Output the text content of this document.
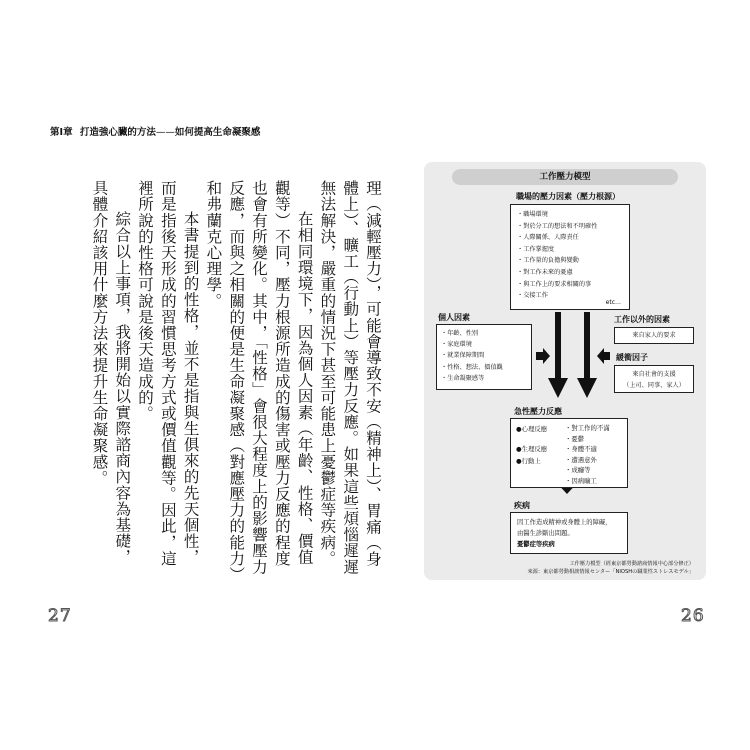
第Ⅰ章 打造強心臟的方法——如何提高生命凝聚感

理（減輕壓力），可能會導致不安（精神上）、胃痛（身體上）、曠工（行動上）等壓力反應。如果這些煩惱遲遲無法解決，嚴重的情況下甚至可能患上憂鬱症等疾病。

在相同環境下，因為個人因素（年齡、性格、價值觀等）不同，壓力根源所造成的傷害或壓力反應的程度也會有所變化。其中，「性格」會很大程度上的影響壓力反應，而與之相關的便是生命凝聚感（對應壓力的能力）和弗蘭克心理學。

本書提到的性格，並不是指與生俱來的先天個性，而是指後天形成的習慣思考方式或價值觀等。因此，這裡所說的性格可說是後天造成的。

綜合以上事項，我將開始以實際諮商內容為基礎，具體介紹該用什麼方法來提升生命凝聚感。

27	26
工作壓力模型
職場的壓力因素（壓力根源）
・ 職場環境
・ 對於分工的想法和不明確性
・ 人際關係、人際責任
・ 工作掌握度
・ 工作量的負擔與變動
・ 對工作未來的憂慮
・ 與工作上的要求相關的事
・ 交接工作
etc…
個人因素
・ 年齡、性別
・ 家庭環境
・ 就業保障期間
・ 性格、想法、價值觀
・ 生命凝聚感等
工作以外的因素
來自家人的要求
緩衝因子
來自社會的支援
（上司、同事、家人）
急性壓力反應
●心理反應
●生理反應
●行動上
・ 對工作的不滿
・ 憂鬱
・ 身體不適
・ 遭遇意外
・ 成癮等
・ 因病曠工
疾病
因工作造成精神或身體上的障礙，
由醫生診斷出問題。
憂鬱症等疾病
工作壓力模型（經東京都勞動諮商情報中心部分修正）
來源：東京都勞動相談情報センター「NIOSHの職業性ストレスモデル」
